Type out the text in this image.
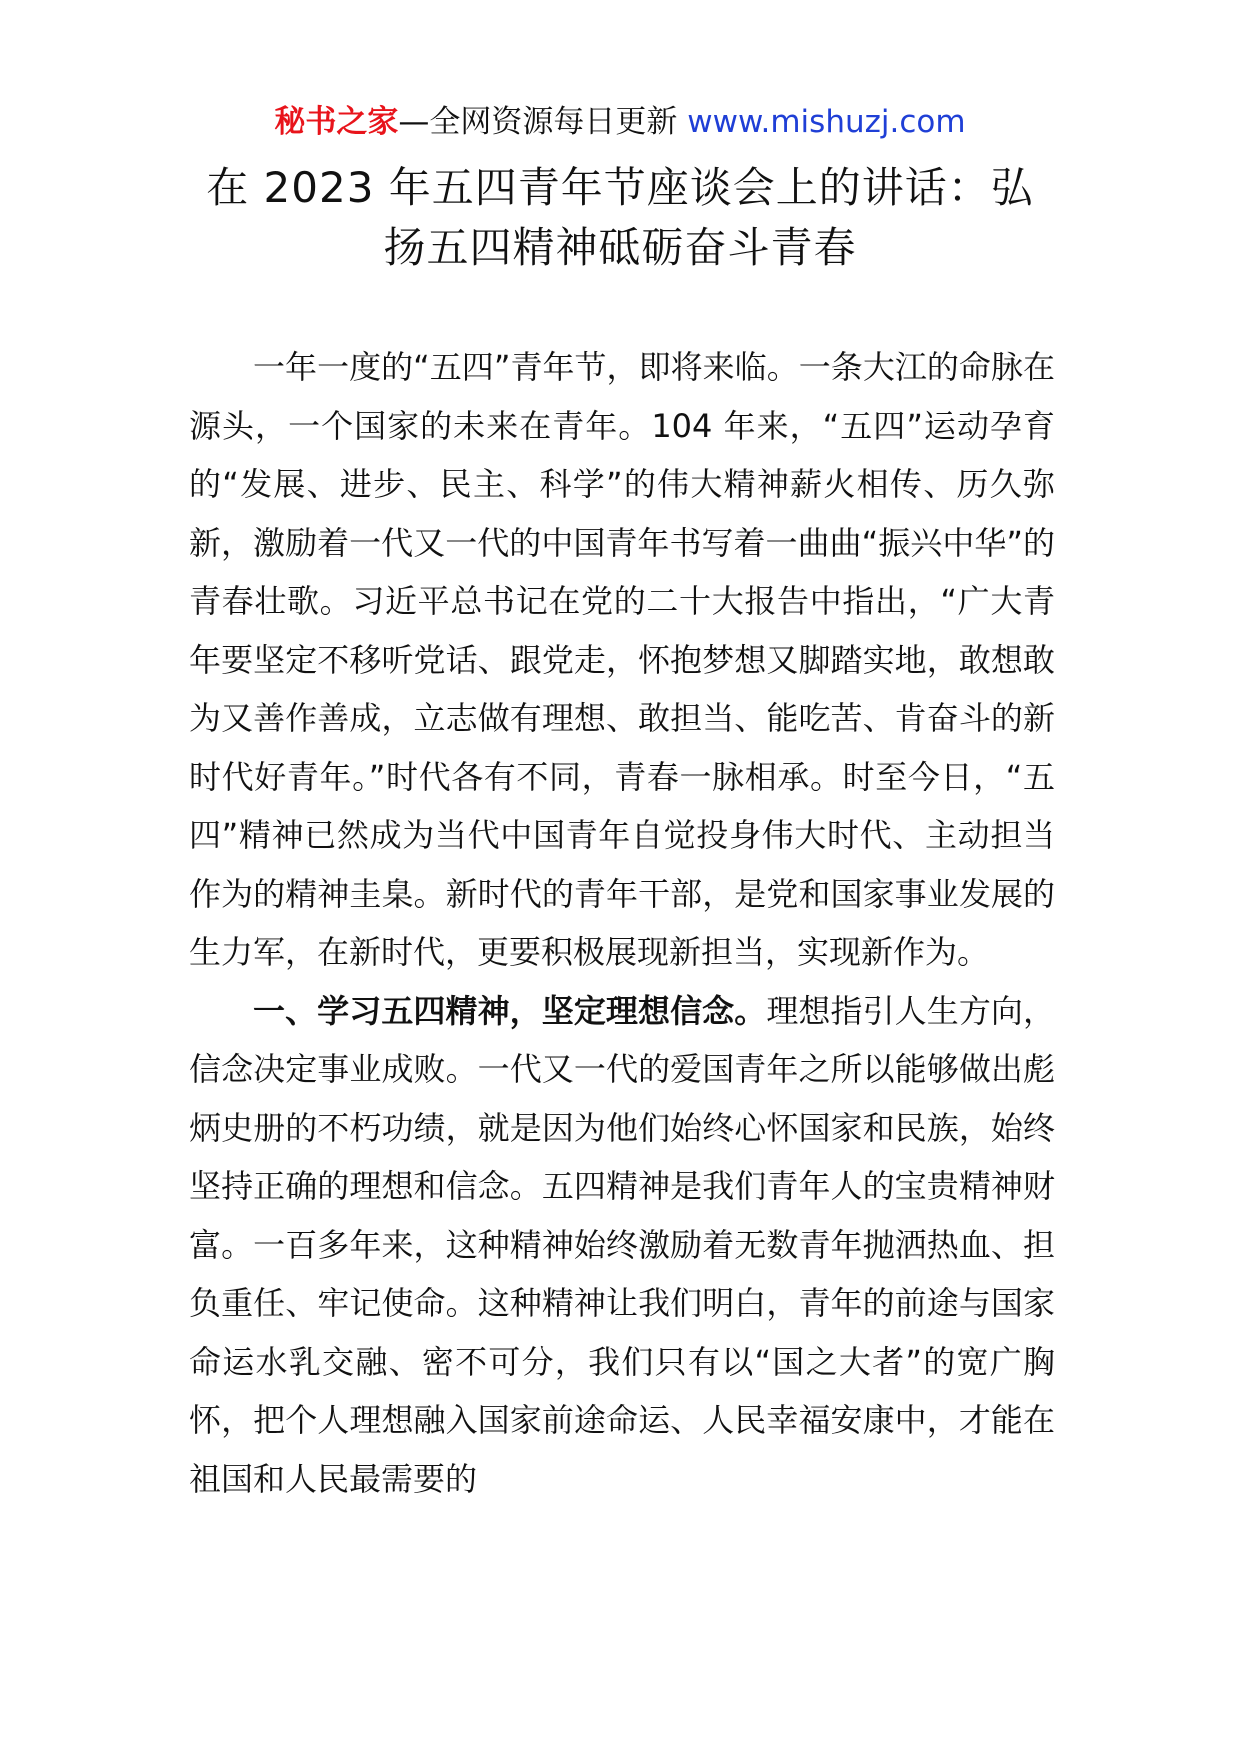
秘书之家—全网资源每日更新 www.mishuzj.com
在 2023 年五四青年节座谈会上的讲话：弘
扬五四精神砥砺奋斗青春

一年一度的“五四”青年节，即将来临。一条大江的命脉在源头，一个国家的未来在青年。104 年来，“五四”运动孕育的“发展、进步、民主、科学”的伟大精神薪火相传、历久弥新，激励着一代又一代的中国青年书写着一曲曲“振兴中华”的青春壮歌。习近平总书记在党的二十大报告中指出，“广大青年要坚定不移听党话、跟党走，怀抱梦想又脚踏实地，敢想敢为又善作善成，立志做有理想、敢担当、能吃苦、肯奋斗的新时代好青年。”时代各有不同，青春一脉相承。时至今日，“五四”精神已然成为当代中国青年自觉投身伟大时代、主动担当作为的精神圭臬。新时代的青年干部，是党和国家事业发展的生力军，在新时代，更要积极展现新担当，实现新作为。

一、学习五四精神，坚定理想信念。理想指引人生方向，信念决定事业成败。一代又一代的爱国青年之所以能够做出彪炳史册的不朽功绩，就是因为他们始终心怀国家和民族，始终坚持正确的理想和信念。五四精神是我们青年人的宝贵精神财富。一百多年来，这种精神始终激励着无数青年抛洒热血、担负重任、牢记使命。这种精神让我们明白，青年的前途与国家命运水乳交融、密不可分，我们只有以“国之大者”的宽广胸怀，把个人理想融入国家前途命运、人民幸福安康中，才能在祖国和人民最需要的
